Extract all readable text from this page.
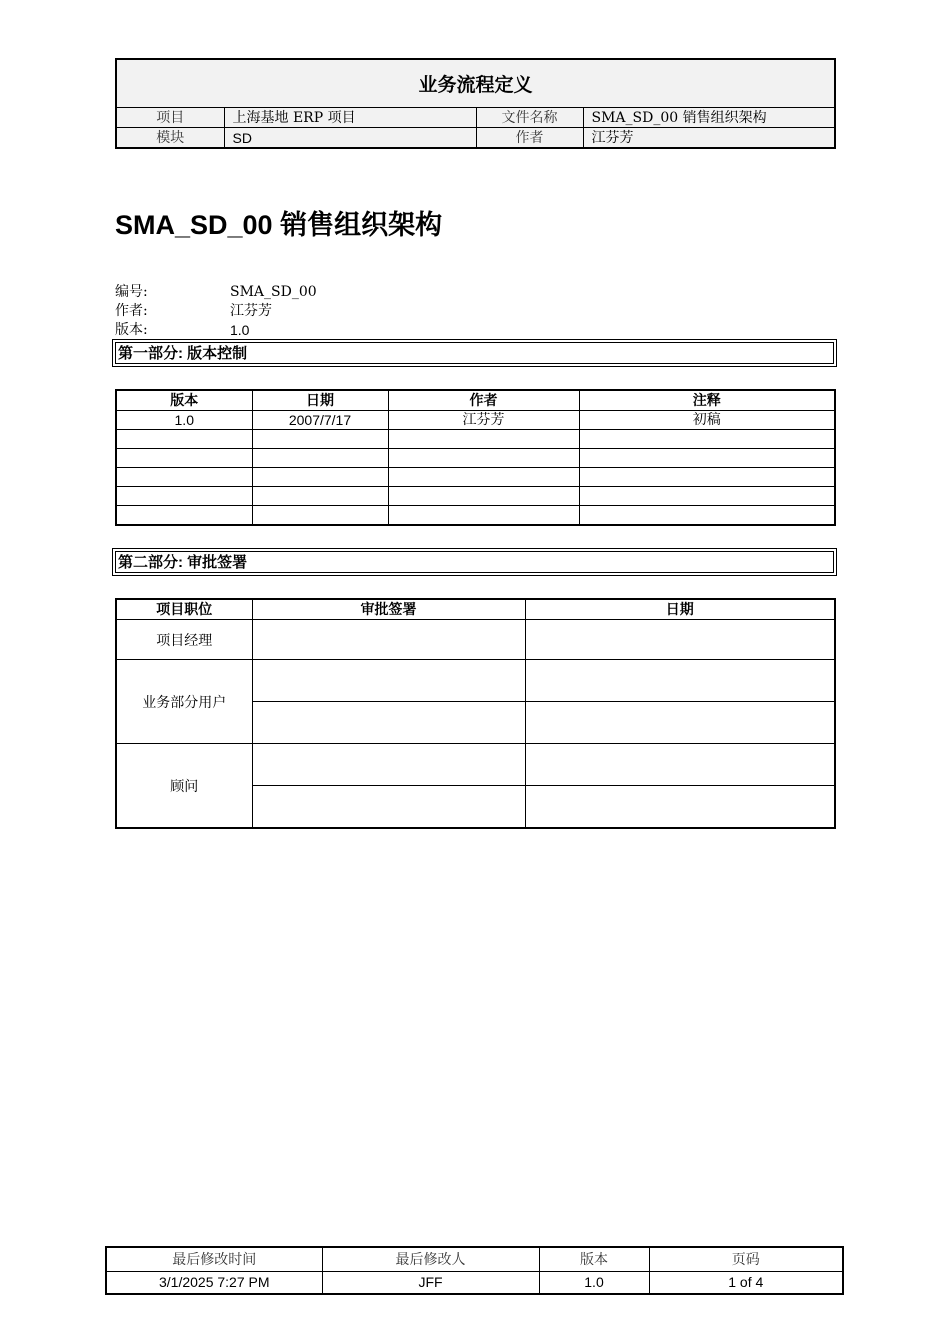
业务流程定义
项目	上海基地 ERP 项目	文件名称	SMA_SD_00 销售组织架构
模块	SD	作者	江芬芳
SMA_SD_00 销售组织架构
编号:	SMA_SD_00
作者:	江芬芳
版本:	1.0
第一部分: 版本控制
版本	日期	作者	注释
1.0	2007/7/17	江芬芳	初稿

第二部分: 审批签署
项目职位	审批签署	日期
项目经理		
业务部分用户		

顾问		

最后修改时间	最后修改人	版本	页码
3/1/2025 7:27 PM	JFF	1.0	1 of 4
